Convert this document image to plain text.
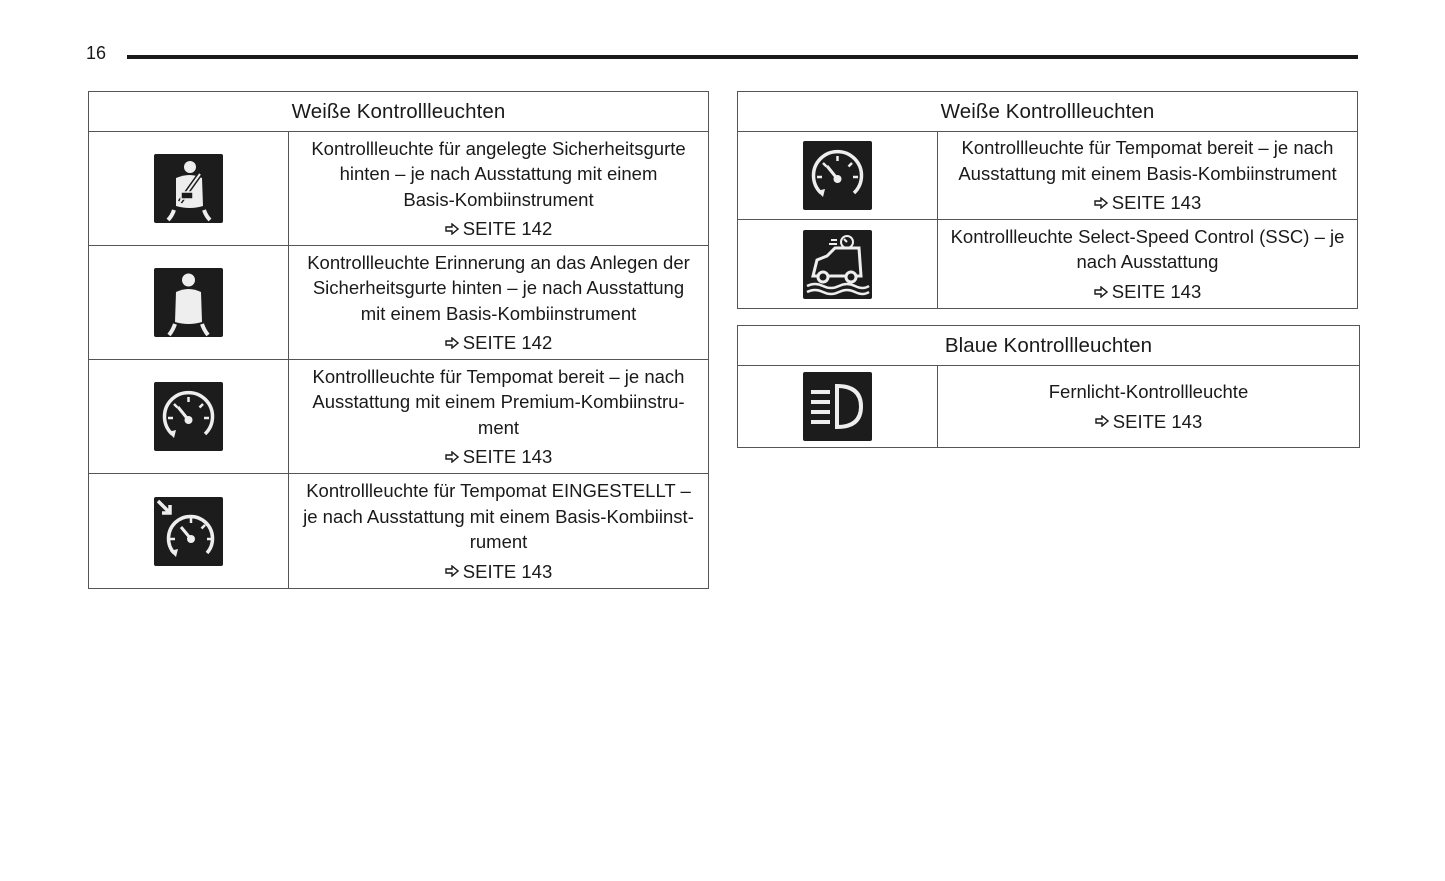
16
Weiße Kontrollleuchten
Kontrollleuchte für angelegte Sicherheitsgurte
hinten – je nach Ausstattung mit einem
Basis-Kombiinstrument
SEITE 142
Kontrollleuchte Erinnerung an das Anlegen der
Sicherheitsgurte hinten – je nach Ausstattung
mit einem Basis-Kombiinstrument
SEITE 142
Kontrollleuchte für Tempomat bereit – je nach
Ausstattung mit einem Premium-Kombiinstru-
ment
SEITE 143
Kontrollleuchte für Tempomat EINGESTELLT –
je nach Ausstattung mit einem Basis-Kombiinst-
rument
SEITE 143
Weiße Kontrollleuchten
Kontrollleuchte für Tempomat bereit – je nach
Ausstattung mit einem Basis-Kombiinstrument
SEITE 143
Kontrollleuchte Select-Speed Control (SSC) – je
nach Ausstattung
SEITE 143
Blaue Kontrollleuchten
Fernlicht-Kontrollleuchte
SEITE 143
